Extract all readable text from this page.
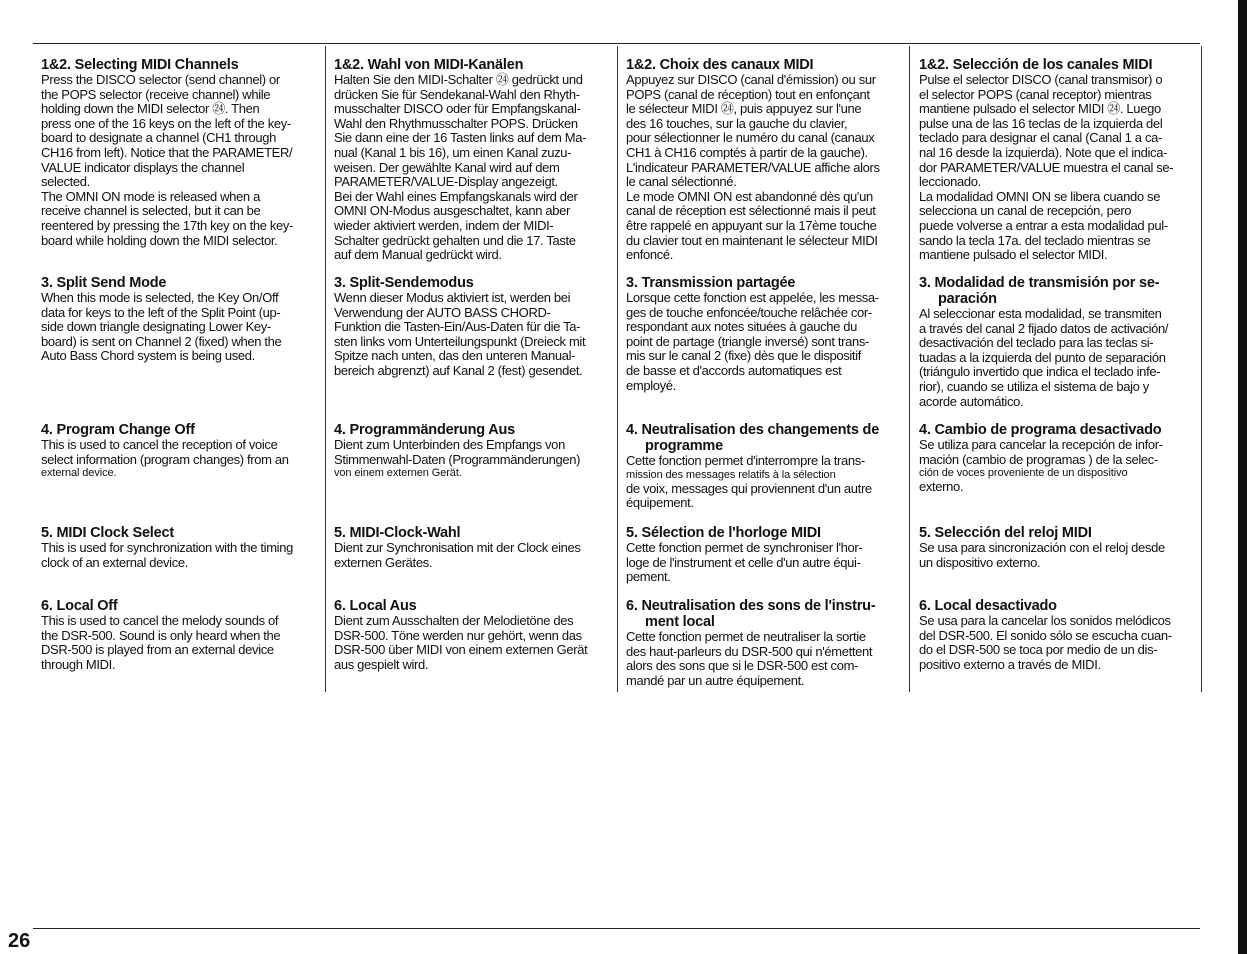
1&2. Selecting MIDI Channels

Press the DISCO selector (send channel) or
the POPS selector (receive channel) while
holding down the MIDI selector ㉔. Then
press one of the 16 keys on the left of the key-
board to designate a channel (CH1 through
CH16 from left). Notice that the PARAMETER/
VALUE indicator displays the channel
selected.
The OMNI ON mode is released when a
receive channel is selected, but it can be
reentered by pressing the 17th key on the key-
board while holding down the MIDI selector.

3. Split Send Mode

When this mode is selected, the Key On/Off
data for keys to the left of the Split Point (up-
side down triangle designating Lower Key-
board) is sent on Channel 2 (fixed) when the
Auto Bass Chord system is being used.

4. Program Change Off

This is used to cancel the reception of voice
select information (program changes) from an
external device.

5. MIDI Clock Select

This is used for synchronization with the timing
clock of an external device.

6. Local Off

This is used to cancel the melody sounds of
the DSR-500. Sound is only heard when the
DSR-500 is played from an external device
through MIDI.

1&2. Wahl von MIDI-Kanälen

Halten Sie den MIDI-Schalter ㉔ gedrückt und
drücken Sie für Sendekanal-Wahl den Rhyth-
musschalter DISCO oder für Empfangskanal-
Wahl den Rhythmusschalter POPS. Drücken
Sie dann eine der 16 Tasten links auf dem Ma-
nual (Kanal 1 bis 16), um einen Kanal zuzu-
weisen. Der gewählte Kanal wird auf dem
PARAMETER/VALUE-Display angezeigt.
Bei der Wahl eines Empfangskanals wird der
OMNI ON-Modus ausgeschaltet, kann aber
wieder aktiviert werden, indem der MIDI-
Schalter gedrückt gehalten und die 17. Taste
auf dem Manual gedrückt wird.

3. Split-Sendemodus

Wenn dieser Modus aktiviert ist, werden bei
Verwendung der AUTO BASS CHORD-
Funktion die Tasten-Ein/Aus-Daten für die Ta-
sten links vom Unterteilungspunkt (Dreieck mit
Spitze nach unten, das den unteren Manual-
bereich abgrenzt) auf Kanal 2 (fest) gesendet.

4. Programmänderung Aus

Dient zum Unterbinden des Empfangs von
Stimmenwahl-Daten (Programmänderungen)
von einem externen Gerät.

5. MIDI-Clock-Wahl

Dient zur Synchronisation mit der Clock eines
externen Gerätes.

6. Local Aus

Dient zum Ausschalten der Melodietöne des
DSR-500. Töne werden nur gehört, wenn das
DSR-500 über MIDI von einem externen Gerät
aus gespielt wird.

1&2. Choix des canaux MIDI

Appuyez sur DISCO (canal d'émission) ou sur
POPS (canal de réception) tout en enfonçant
le sélecteur MIDI ㉔, puis appuyez sur l'une
des 16 touches, sur la gauche du clavier,
pour sélectionner le numéro du canal (canaux
CH1 à CH16 comptés à partir de la gauche).
L'indicateur PARAMETER/VALUE affiche alors
le canal sélectionné.
Le mode OMNI ON est abandonné dès qu'un
canal de réception est sélectionné mais il peut
être rappelé en appuyant sur la 17ème touche
du clavier tout en maintenant le sélecteur MIDI
enfoncé.

3. Transmission partagée

Lorsque cette fonction est appelée, les messa-
ges de touche enfoncée/touche relâchée cor-
respondant aux notes situées à gauche du
point de partage (triangle inversé) sont trans-
mis sur le canal 2 (fixe) dès que le dispositif
de basse et d'accords automatiques est
employé.

4. Neutralisation des changements de programme

Cette fonction permet d'interrompre la trans-
mission des messages relatifs à la sélection
de voix, messages qui proviennent d'un autre
équipement.

5. Sélection de l'horloge MIDI

Cette fonction permet de synchroniser l'hor-
loge de l'instrument et celle d'un autre équi-
pement.

6. Neutralisation des sons de l'instru-ment local

Cette fonction permet de neutraliser la sortie
des haut-parleurs du DSR-500 qui n'émettent
alors des sons que si le DSR-500 est com-
mandé par un autre équipement.

1&2. Selección de los canales MIDI

Pulse el selector DISCO (canal transmisor) o
el selector POPS (canal receptor) mientras
mantiene pulsado el selector MIDI ㉔. Luego
pulse una de las 16 teclas de la izquierda del
teclado para designar el canal (Canal 1 a ca-
nal 16 desde la izquierda). Note que el indica-
dor PARAMETER/VALUE muestra el canal se-
leccionado.
La modalidad OMNI ON se libera cuando se
selecciona un canal de recepción, pero
puede volverse a entrar a esta modalidad pul-
sando la tecla 17a. del teclado mientras se
mantiene pulsado el selector MIDI.

3. Modalidad de transmisión por se-paración

Al seleccionar esta modalidad, se transmiten
a través del canal 2 fijado datos de activación/
desactivación del teclado para las teclas si-
tuadas a la izquierda del punto de separación
(triángulo invertido que indica el teclado infe-
rior), cuando se utiliza el sistema de bajo y
acorde automático.

4. Cambio de programa desactivado

Se utiliza para cancelar la recepción de infor-
mación (cambio de programas ) de la selec-
ción de voces proveniente de un dispositivo
externo.

5. Selección del reloj MIDI

Se usa para sincronización con el reloj desde
un dispositivo externo.

6. Local desactivado

Se usa para la cancelar los sonidos melódicos
del DSR-500. El sonido sólo se escucha cuan-
do el DSR-500 se toca por medio de un dis-
positivo externo a través de MIDI.

26
